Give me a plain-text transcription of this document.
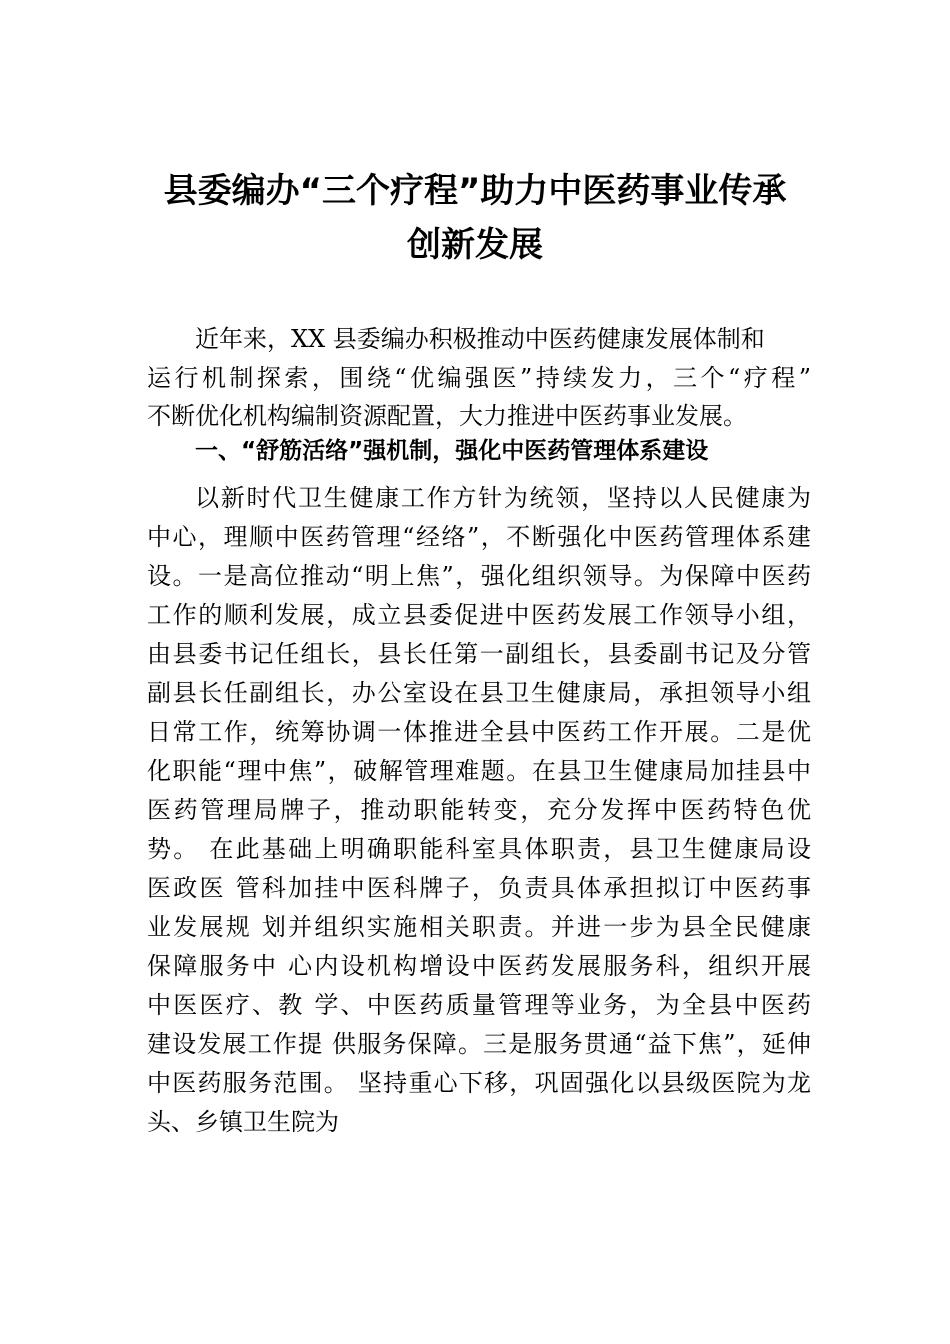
县委编办“三个疗程”助力中医药事业传承
创新发展

近年来，XX 县委编办积极推动中医药健康发展体制和

运行机制探索，围绕“优编强医”持续发力，三个“疗程”

不断优化机构编制资源配置，大力推进中医药事业发展。

一、“舒筋活络”强机制，强化中医药管理体系建设

以新时代卫生健康工作方针为统领，坚持以人民健康为

中心，理顺中医药管理“经络”，不断强化中医药管理体系建

设。一是高位推动“明上焦”，强化组织领导。为保障中医药

工作的顺利发展，成立县委促进中医药发展工作领导小组，

由县委书记任组长，县长任第一副组长，县委副书记及分管

副县长任副组长，办公室设在县卫生健康局，承担领导小组

日常工作，统筹协调一体推进全县中医药工作开展。二是优

化职能“理中焦”，破解管理难题。在县卫生健康局加挂县中

医药管理局牌子，推动职能转变，充分发挥中医药特色优

势。 在此基础上明确职能科室具体职责，县卫生健康局设

医政医 管科加挂中医科牌子，负责具体承担拟订中医药事

业发展规 划并组织实施相关职责。并进一步为县全民健康

保障服务中 心内设机构增设中医药发展服务科，组织开展

中医医疗、教 学、中医药质量管理等业务，为全县中医药

建设发展工作提 供服务保障。三是服务贯通“益下焦”，延伸

中医药服务范围。 坚持重心下移，巩固强化以县级医院为龙

头、乡镇卫生院为
